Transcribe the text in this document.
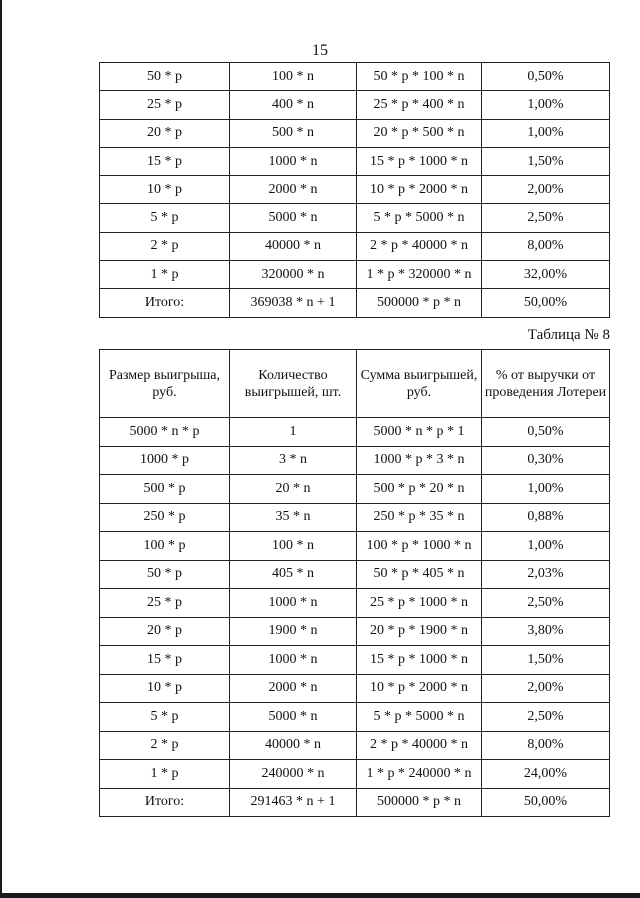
15
50 * р	100 * n	50 * р * 100 * n	0,50%
25 * р	400 * n	25 * р * 400 * n	1,00%
20 * р	500 * n	20 * р * 500 * n	1,00%
15 * р	1000 * n	15 * р * 1000 * n	1,50%
10 * р	2000 * n	10 * р * 2000 * n	2,00%
5 * р	5000 * n	5 * р * 5000 * n	2,50%
2 * р	40000 * n	2 * р * 40000 * n	8,00%
1 * р	320000 * n	1 * р * 320000 * n	32,00%
Итого:	369038 * n + 1	500000 * р * n	50,00%
Таблица № 8
Размер выигрыша, руб.	Количество выигрышей, шт.	Сумма выигрышей, руб.	% от выручки от проведения Лотереи
5000 * n * р	1	5000 * n * р * 1	0,50%
1000 * р	3 * n	1000 * р * 3 * n	0,30%
500 * р	20 * n	500 * р * 20 * n	1,00%
250 * р	35 * n	250 * р * 35 * n	0,88%
100 * р	100 * n	100 * р * 1000 * n	1,00%
50 * р	405 * n	50 * р * 405 * n	2,03%
25 * р	1000 * n	25 * р * 1000 * n	2,50%
20 * р	1900 * n	20 * р * 1900 * n	3,80%
15 * р	1000 * n	15 * р * 1000 * n	1,50%
10 * р	2000 * n	10 * р * 2000 * n	2,00%
5 * р	5000 * n	5 * р * 5000 * n	2,50%
2 * р	40000 * n	2 * р * 40000 * n	8,00%
1 * р	240000 * n	1 * р * 240000 * n	24,00%
Итого:	291463 * n + 1	500000 * р * n	50,00%
